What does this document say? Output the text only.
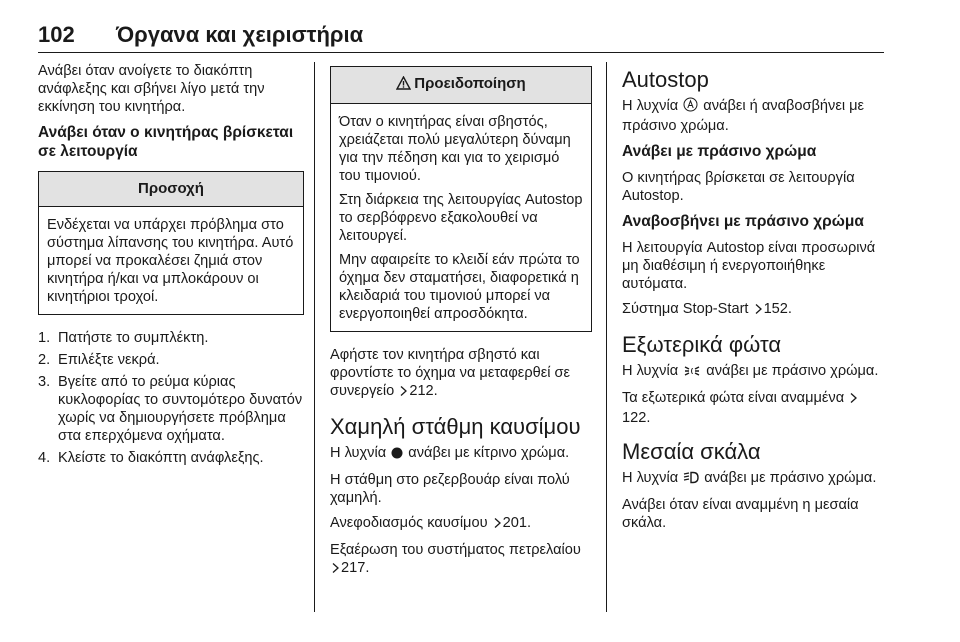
102 Όργανα και χειριστήρια

Ανάβει όταν ανοίγετε το διακόπτη ανάφλεξης και σβήνει λίγο μετά την εκκίνηση του κινητήρα.

Ανάβει όταν ο κινητήρας βρίσκεται σε λειτουργία
Προσοχή

Ενδέχεται να υπάρχει πρόβλημα στο σύστημα λίπανσης του κινητήρα. Αυτό μπορεί να προκαλέσει ζημιά στον κινητήρα ή/και να μπλοκάρουν οι κινητήριοι τροχοί.

1. Πατήστε το συμπλέκτη.
2. Επιλέξτε νεκρά.
3. Βγείτε από το ρεύμα κύριας κυκλοφορίας το συντομότερο δυνατόν χωρίς να δημιουργήσετε πρόβλημα στα επερχόμενα οχήματα.
4. Κλείστε το διακόπτη ανάφλεξης.
Προειδοποίηση

Όταν ο κινητήρας είναι σβηστός, χρειάζεται πολύ μεγαλύτερη δύναμη για την πέδηση και για το χειρισμό του τιμονιού.

Στη διάρκεια της λειτουργίας Autostop το σερβόφρενο εξακολουθεί να λειτουργεί.

Μην αφαιρείτε το κλειδί εάν πρώτα το όχημα δεν σταματήσει, διαφορετικά η κλειδαριά του τιμονιού μπορεί να ενεργοποιηθεί απροσδόκητα.

Αφήστε τον κινητήρα σβηστό και φροντίστε το όχημα να μεταφερθεί σε συνεργείο 212.

Χαμηλή στάθμη καυσίμου

Η λυχνία ανάβει με κίτρινο χρώμα.

Η στάθμη στο ρεζερβουάρ είναι πολύ χαμηλή.

Ανεφοδιασμός καυσίμου 201.

Εξαέρωση του συστήματος πετρελαίου 217.

Autostop

Η λυχνία ανάβει ή αναβοσβήνει με πράσινο χρώμα.

Ανάβει με πράσινο χρώμα

Ο κινητήρας βρίσκεται σε λειτουργία Autostop.

Αναβοσβήνει με πράσινο χρώμα

Η λειτουργία Autostop είναι προσωρινά μη διαθέσιμη ή ενεργοποιήθηκε αυτόματα.

Σύστημα Stop-Start 152.

Εξωτερικά φώτα

Η λυχνία ανάβει με πράσινο χρώμα.

Τα εξωτερικά φώτα είναι αναμμένα 122.

Μεσαία σκάλα

Η λυχνία ανάβει με πράσινο χρώμα.

Ανάβει όταν είναι αναμμένη η μεσαία σκάλα.
